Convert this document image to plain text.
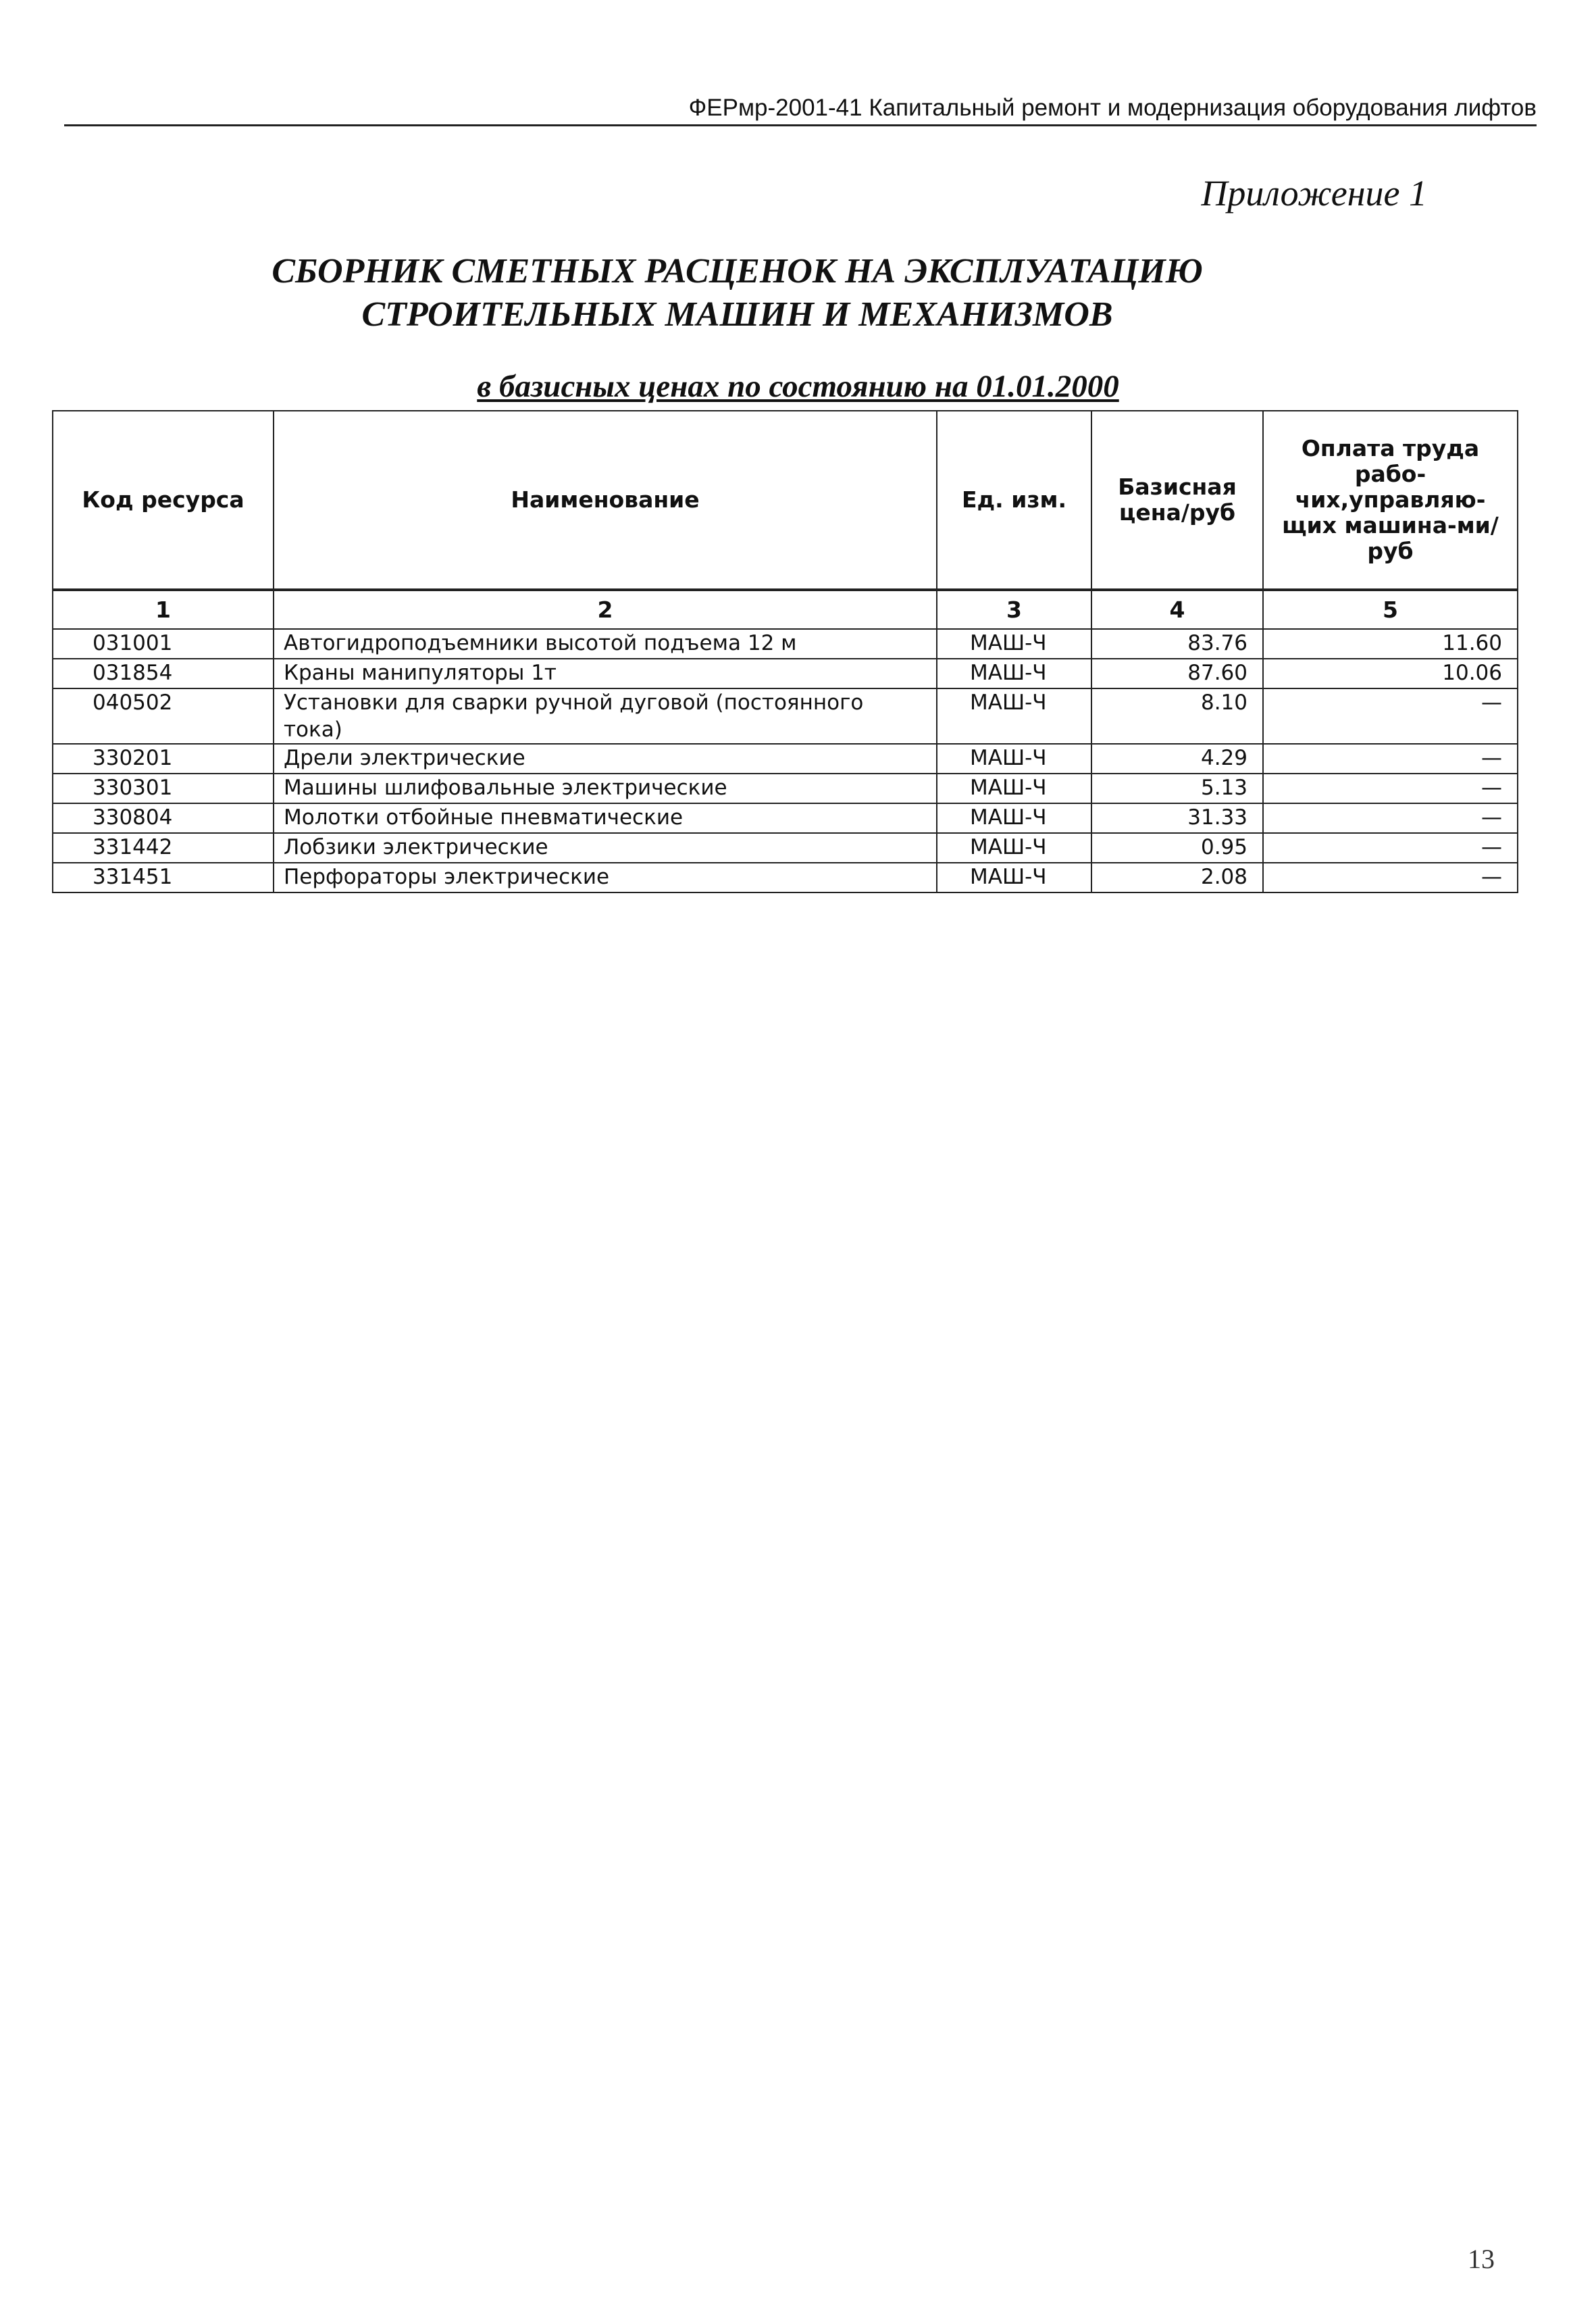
ФЕРмр-2001-41 Капитальный ремонт и модернизация оборудования лифтов
Приложение 1
СБОРНИК СМЕТНЫХ РАСЦЕНОК НА ЭКСПЛУАТАЦИЮ
СТРОИТЕЛЬНЫХ МАШИН И МЕХАНИЗМОВ
в базисных ценах по состоянию на 01.01.2000
Код ресурса	Наименование	Ед. изм.	Базисная цена/руб	Оплата труда рабо-чих,управляю-щих машина-ми/руб
1	2	3	4	5
031001	Автогидроподъемники высотой подъема 12 м	МАШ-Ч	83.76	11.60
031854	Краны манипуляторы 1т	МАШ-Ч	87.60	10.06
040502	Установки для сварки ручной дуговой (постоянного тока)	МАШ-Ч	8.10	—
330201	Дрели электрические	МАШ-Ч	4.29	—
330301	Машины шлифовальные электрические	МАШ-Ч	5.13	—
330804	Молотки отбойные пневматические	МАШ-Ч	31.33	—
331442	Лобзики электрические	МАШ-Ч	0.95	—
331451	Перфораторы электрические	МАШ-Ч	2.08	—
13
